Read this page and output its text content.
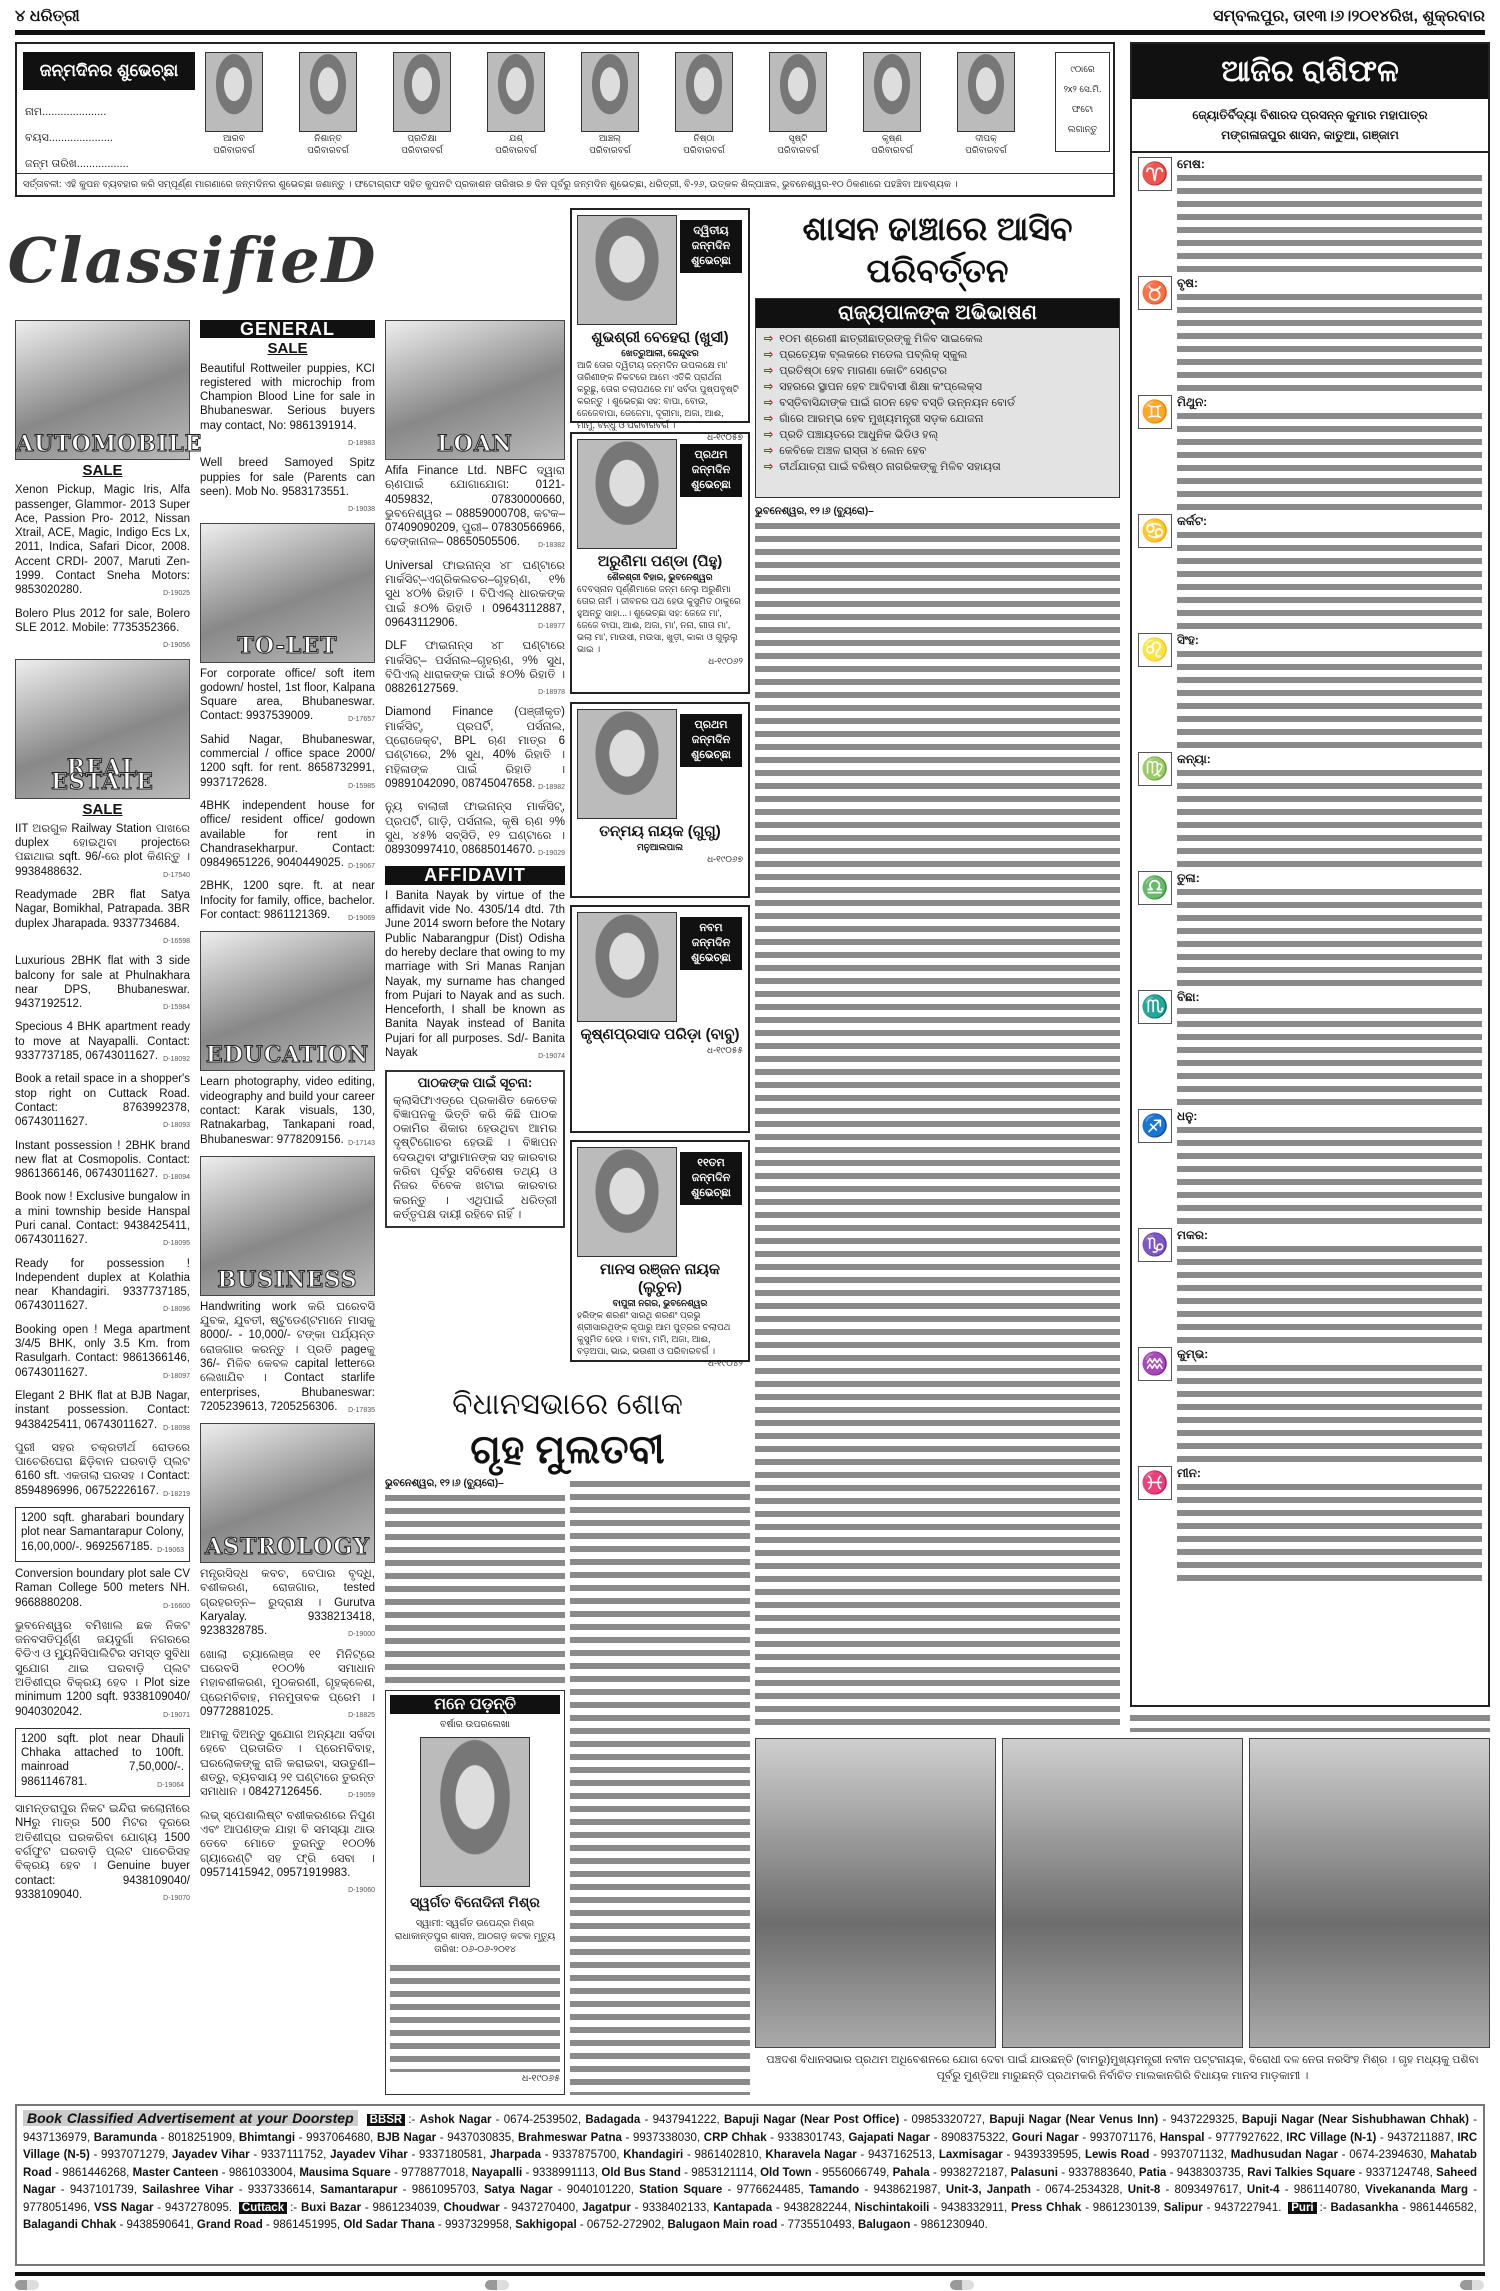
୪ ଧରିତ୍ରୀ	ସମ୍ବଲପୁର, ତା୧୩।୬।୨୦୧୪ରିଖ, ଶୁକ୍ରବାର
ଜନ୍ମଦିନର ଶୁଭେଚ୍ଛା
ନାମ.....................
ବୟସ.....................
ଜନ୍ମ ତାରିଖ.................
ଆରବ
ପରିବାରବର୍ଗ
ନିଶାନ୍ତ
ପରିବାରବର୍ଗ
ପ୍ରତିକ୍ଷା
ପରିବାରବର୍ଗ
ଯଶ୍
ପରିବାରବର୍ଗ
ଆଞ୍ଚଲ୍
ପରିବାରବର୍ଗ
ନିଷ୍ଠା
ପରିବାରବର୍ଗ
ସୃଷ୍ଟି
ପରିବାରବର୍ଗ
କୃଷ୍ଣ
ପରିବାରବର୍ଗ
ଦୀପକ୍
ପରିବାରବର୍ଗ
୯୦ାରେ
୨x୨ ସେ.ମି.
ଫଟୋ
ଲଗାନ୍ତୁ
ସର୍ତ୍ତାବଳୀ: ଏହି କୁପନ ବ୍ୟବହାର କରି ସମ୍ପୂର୍ଣ୍ଣ ମାଗଣାରେ ଜନ୍ମଦିନର ଶୁଭେଚ୍ଛା ଜଣାନ୍ତୁ । ଫଟୋଗ୍ରାଫ ସହିତ କୁପନଟି ପ୍ରକାଶନ ତାରିଖର ୭ ଦିନ ପୂର୍ବରୁ ଜନ୍ମଦିନ ଶୁଭେଚ୍ଛା, ଧରିତ୍ରୀ, ବି-୨୬, ଉତ୍କଳ ଶିଳ୍ପାଞ୍ଚଳ, ଭୁବନେଶ୍ୱର-୧୦ ଠିକଣାରେ ପହଞ୍ଚିବା ଆବଶ୍ୟକ ।
ଆଜିର ରାଶିଫଳ
ଜ୍ୟୋତିର୍ବିଦ୍ୟା ବିଶାରଦ ପ୍ରସନ୍ନ କୁମାର ମହାପାତ୍ର
ମଙ୍ଗଳାଜପୁର ଶାସନ, କାତୁଆ, ଗଞ୍ଜାମ
♈ ମେଷ:
♉ ବୃଷ:
♊ ମିଥୁନ:
♋ କର୍କଟ:
♌ ସିଂହ:
♍ କନ୍ୟା:
♎ ତୁଳା:
♏ ବିଛା:
♐ ଧନୁ:
♑ ମକର:
♒ କୁମ୍ଭ:
♓ ମୀନ:
ClassifieD
AUTOMOBILE
SALE
Xenon Pickup, Magic Iris, Alfa passenger, Glammor- 2013 Super Ace, Passion Pro- 2012, Nissan Xtrail, ACE, Magic, Indigo Ecs Lx, 2011, Indica, Safari Dicor, 2008. Accent CRDI- 2007, Maruti Zen- 1999. Contact Sneha Motors: 9853020280.	D-19025
Bolero Plus 2012 for sale, Bolero SLE 2012. Mobile: 7735352366.
D-19056
REAL ESTATE
SALE
IIT ଅରଗୁଳ Railway Station ପାଖରେ duplex ହୋଇଥିବା projectରେ ପଛାଥାଇ sqft. 96/-ରେ plot କିଣନ୍ତୁ । 9938488632.	D-17540
Readymade 2BR flat Satya Nagar, Bomikhal, Patrapada. 3BR duplex Jharapada. 9337734684.
D-16598
Luxurious 2BHK flat with 3 side balcony for sale at Phulnakhara near DPS, Bhubaneswar. 9437192512.	D-15984
Specious 4 BHK apartment ready to move at Nayapalli. Contact: 9337737185, 06743011627. D-18092
Book a retail space in a shopper's stop right on Cuttack Road. Contact: 8763992378, 06743011627.	D-18093
Instant possession ! 2BHK brand new flat at Cosmopolis. Contact: 9861366146, 06743011627. D-18094
Book now ! Exclusive bungalow in a mini township beside Hanspal Puri canal. Contact: 9438425411, 06743011627.	D-18095
Ready for possession ! Independent duplex at Kolathia near Khandagiri. 9337737185, 06743011627.	D-18096
Booking open ! Mega apartment 3/4/5 BHK, only 3.5 Km. from Rasulgarh. Contact: 9861366146, 06743011627.	D-18097
Elegant 2 BHK flat at BJB Nagar, instant possession. Contact: 9438425411, 06743011627. D-18098
ପୁରୀ ସହର ଚକ୍ରତୀର୍ଥ ରୋଡରେ ପାଚେରିଘେରା ଛିଡ଼ିବାନ ଘରବାଡ଼ି ପ୍ଲଟ 6160 sft. ଏକତାଲା ଘରସହ । Contact: 8594896996, 06752226167. D-18219
1200 sqft. gharabari boundary plot near Samantarapur Colony, 16,00,000/-. 9692567185. D-19063
Conversion boundary plot sale CV Raman College 500 meters NH. 9668880208.	D-16600
ଭୁବନେଶ୍ୱର ବମିଖାଲ ଛକ ନିକଟ ଜନବସତିପୂର୍ଣ୍ଣ ଜୟଦୁର୍ଗା ନଗରରେ ବିଡିଏ ଓ ମ୍ୟୁନିସିପାଲିଟିର ସମସ୍ତ ସୁବିଧା ସୁଯୋଗ ଥାଇ ଘରବାଡ଼ି ପ୍ଲଟ ଅତିଶୀଘ୍ର ବିକ୍ରୟ ହେବ । Plot size minimum 1200 sqft. 9338109040/ 9040302042.	D-19071
1200 sqft. plot near Dhauli Chhaka attached to 100ft. mainroad 7,50,000/-. 9861146781.	D-19064
ସାମନ୍ତରାପୁର ନିକଟ ଇନ୍ଦିରା କଲୋନୀରେ NHରୁ ମାତ୍ର 500 ମିଟର ଦୂରରେ ଅତିଶୀଘ୍ର ଘରକରିବା ଯୋଗ୍ୟ 1500 ବର୍ଗଫୁଟ ଘରବାଡ଼ି ପ୍ଲଟ ପାଚେରିସହ ବିକ୍ରୟ ହେବ । Genuine buyer contact: 9438109040/ 9338109040.	D-19070
GENERAL
SALE
Beautiful Rottweiler puppies, KCI registered with microchip from Champion Blood Line for sale in Bhubaneswar. Serious buyers may contact, No: 9861391914.
D-18983
Well breed Samoyed Spitz puppies for sale (Parents can seen). Mob No. 9583173551.
D-19038
TO-LET
For corporate office/ soft item godown/ hostel, 1st floor, Kalpana Square area, Bhubaneswar. Contact: 9937539009.	D-17657
Sahid Nagar, Bhubaneswar, commercial / office space 2000/ 1200 sqft. for rent. 8658732991, 9937172628.	D-15985
4BHK independent house for office/ resident office/ godown available for rent in Chandrasekharpur. Contact: 09849651226, 9040449025. D-19067
2BHK, 1200 sqre. ft. at near Infocity for family, office, bachelor. For contact: 9861121369.	D-19069
EDUCATION
Learn photography, video editing, videography and build your career contact: Karak visuals, 130, Ratnakarbag, Tankapani road, Bhubaneswar: 9778209156. D-17143
BUSINESS
Handwriting work କରି ଘରେବସି ଯୁବକ, ଯୁବତୀ, ଷ୍ଟୁଡେଣ୍ଟମାନେ ମାସକୁ 8000/- - 10,000/- ଟଙ୍କା ପର୍ଯ୍ୟନ୍ତ ରୋଜଗାର କରନ୍ତୁ । ପ୍ରତି pageକୁ 36/- ମିଳିବ କେବଳ capital letterରେ ଲେଖାଯିବ । Contact starlife enterprises, Bhubaneswar: 7205239613, 7205256306. D-17835
ASTROLOGY
ମନ୍ତ୍ରସିଦ୍ଧ କବଚ, ବେପାର ବୃଦ୍ଧି, ବଶୀକରଣ, ରୋଜଗାର, tested ଗ୍ରହରତ୍ନ– ରୁଦ୍ରାକ୍ଷ । Gurutva Karyalay. 9338213418, 9238328785.	D-19000
ଖୋଲା ଚ୍ୟାଲେଞ୍ଜ ୧୧ ମିନିଟ୍‌ରେ ଘରେବସି ୧୦୦% ସମାଧାନ ମହାବଶୀକରଣ, ମୁଠକରଣୀ, ଗୃହକ୍ଳେଶ, ପ୍ରେମବିବାହ, ମନମୁତାବକ ପ୍ରେମ । 09772881025.	D-18825
ଆମକୁ ଦିଅନ୍ତୁ ସୁଯୋଗ ଅନ୍ୟଥା ସର୍ବଦା ହେବେ ପ୍ରତାରିତ । ପ୍ରେମବିବାହ, ଘରଲୋକଙ୍କୁ ରାଜି କରାଇବା, ସଉତୁଣୀ– ଶତ୍ରୁ, ବ୍ୟବସାୟ ୨୧ ଘଣ୍ଟାରେ ତୁରନ୍ତ ସମାଧାନ । 08427126456.	D-19059
ଲଭ୍ ସ୍ପେଶାଲିଷ୍ଟ ବଶୀକରଣରେ ନିପୁଣ ଏବଂ ଆପଣଙ୍କ ଯାହା ବି ସମସ୍ୟା ଥାଉ ତେବେ ମୋତେ ତୁରନ୍ତୁ ୧୦୦% ଗ୍ୟାରେଣ୍ଟି ସହ ଫ୍ରି ସେବା । 09571415942, 09571919983.
D-19060
LOAN
Afifa Finance Ltd. NBFC ଦ୍ୱାରା ଋଣପାଇଁ ଯୋଗାଯୋଗ: 0121- 4059832, 07830000660, ଭୁବନେଶ୍ୱର – 08859000708, କଟକ– 07409090209, ପୁରୀ– 07830566966, ଢେଙ୍କାନାଳ– 08650505506.	D-18382
Universal ଫାଇନାନ୍ସ ୪୮ ଘଣ୍ଟାରେ ମାର୍କସିଟ୍–ଏଗ୍ରିକଲଚର–ଗୃହଋଣ, ୧% ସୁଧ ୪୦% ରିହାତି । ବିପିଏଲ୍ ଧାରକଙ୍କ ପାଇଁ ୫୦% ରିହାତି । 09643112887, 09643112906.	D-18977
DLF ଫାଇନାନ୍ସ ୪୮ ଘଣ୍ଟାରେ ମାର୍କସିଟ୍– ପର୍ସନାଲ–ଗୃହଋଣ, ୨% ସୁଧ, ବିପିଏଲ୍ ଧାରାକଙ୍କ ପାଇଁ ୫୦% ରିହାତି । 08826127569.	D-18978
Diamond Finance (ପଞ୍ଜୀକୃତ) ମାର୍କସିଟ୍, ପ୍ରପର୍ଟି, ପର୍ସନାଲ, ପ୍ରୋଜେକ୍ଟ, BPL ଋଣ ମାତ୍ର 6 ଘଣ୍ଟାରେ, 2% ସୁଧ, 40% ରିହାତି । ମହିଳାଙ୍କ ପାଇଁ ରିହାତି । 09891042090, 08745047658. D-18982
ନ୍ୟୁ ବାଲାଜୀ ଫାଇନାନ୍ସ ମାର୍କସିଟ୍, ପ୍ରପର୍ଟି, ଗାଡ଼ି, ପର୍ସନାଲ, କୃଷି ଋଣ ୨% ସୁଧ, ୪୫% ସବ୍‌ସିଡି, ୧୨ ଘଣ୍ଟାରେ । 08930997410, 08685014670. D-19029
AFFIDAVIT
I Banita Nayak by virtue of the affidavit vide No. 4305/14 dtd. 7th June 2014 sworn before the Notary Public Nabarangpur (Dist) Odisha do hereby declare that owing to my marriage with Sri Manas Ranjan Nayak, my surname has changed from Pujari to Nayak and as such. Henceforth, I shall be known as Banita Nayak instead of Banita Pujari for all purposes. Sd/- Banita Nayak	D-19074
ପାଠକଙ୍କ ପାଇଁ ସୂଚନା:
କ୍ଲାସିଫାଏଡ୍‌ରେ ପ୍ରକାଶିତ କେତେକ ବିଜ୍ଞାପନକୁ ଭିତ୍ତି କରି କିଛି ପାଠକ ଠକାମିର ଶିକାର ହେଉଥିବା ଆମର ଦୃଷ୍ଟିଗୋଚର ହେଉଛି । ବିଜ୍ଞାପନ ଦେଉଥିବା ସଂସ୍ଥାମାନଙ୍କ ସହ କାରବାର କରିବା ପୂର୍ବରୁ ସବିଶେଷ ତଥ୍ୟ ଓ ନିଜର ବିବେକ ଖଟାଇ କାରବାର କରନ୍ତୁ । ଏଥିପାଇଁ ଧରିତ୍ରୀ କର୍ତ୍ତୃପକ୍ଷ ଦାୟୀ ରହିବେ ନାହିଁ ।
ଦ୍ୱିତୀୟ ଜନ୍ମଦିନ ଶୁଭେଚ୍ଛା
ଶୁଭଶ୍ରୀ ବେହେରା (ଖୁସୀ)
ଖେତ୍ରୁଆଳୀ, କେନ୍ଦୁଝର
ଆଜି ତୋର ଦ୍ୱିତୀୟ ଜନ୍ମଦିନ ଉପଲକ୍ଷେ ମା' ତାରିଣୀଙ୍କ ନିକଟରେ ଆମେ ଏତିକି ପ୍ରାର୍ଥନା କରୁଛୁ, ତୋର ଚଲାପଥରେ ମା' ସର୍ବଦା ପୁଷ୍ପବୃଷ୍ଟି କରନ୍ତୁ । ଶୁଭେଚ୍ଛା ସହ: ବାପା, ବୋଉ, ଜେଜେବାପା, ଜେଜେମା, ଦୂରୀମା, ଅଜା, ଆଈ, ମାମୁ, ବନ୍ଧୁ ଓ ପରିବାରବର୍ଗ ।
ଧ-୧୯୦୫୭
ପ୍ରଥମ ଜନ୍ମଦିନ ଶୁଭେଚ୍ଛା
ଅରୁଣିମା ପଣ୍ଡା (ପିହୁ)
ଶୈଳଶ୍ରୀ ବିହାର, ଭୁବନେଶ୍ୱର
ଦେବସ୍ନାନ ପୂର୍ଣ୍ଣିମାରେ ଜନ୍ମ ନେଲୁ ଅରୁଣିମା ତୋର ନାମଁ । ଜୀବନର ପଥ ହେଉ କୁସୁମିତ ଠାକୁରେ ହୁଅନ୍ତୁ ସାହା...। ଶୁଭେଚ୍ଛା ସହ: ଜେଜେ ମା', ଜେଜେ ବାପା, ଆଈ, ଅଜା, ମା', ନନା, ଗୀତା ମା', ଭଲା ମା', ମାଉସୀ, ମଉସା, ଖୁଡ଼ୀ, କାକା ଓ ଗୁଲୁଲୁ ଭାଇ ।
ଧ-୧୯୦୬୨
ପ୍ରଥମ ଜନ୍ମଦିନ ଶୁଭେଚ୍ଛା
ତନ୍ମୟ ନାୟକ (ଗୁଗୁ)
ମନୁଆଲପାଲ
ଧ-୧୯୦୬୭
ନବମ ଜନ୍ମଦିନ ଶୁଭେଚ୍ଛା
କୃଷ୍ଣପ୍ରସାଦ ପରିଡ଼ା (ବାବୁ)
ଧ-୧୯୦୫୫
୧୧ତମ ଜନ୍ମଦିନ ଶୁଭେଚ୍ଛା
ମାନସ ରଞ୍ଜନ ନାୟକ (ଲୁଚୁନ)
ବାପୁଜୀ ନଗର, ଭୁବନେଶ୍ୱର
ହରିଙ୍କ ଶରଣଂ ସାରଥି ଶରଣଂ ପ୍ରଭୁ ଶ୍ରୀସାରଥିଙ୍କ କୃପାରୁ ଆମ ପୁତ୍ରର ଚଲାପଥ କୁସୁମିତ ହେଉ । ବାବା, ମମି, ଅଜା, ଆଈ, ବଡ଼ଅପା, ଭାଇ, ଭଉଣୀ ଓ ପରିବାରବର୍ଗ ।
ଧ-୧୯୦୪୨
ଶାସନ ଢାଞ୍ଚାରେ ଆସିବ ପରିବର୍ତ୍ତନ
ରାଜ୍ୟପାଳଙ୍କ ଅଭିଭାଷଣ
⇨ ୧୦ମ ଶ୍ରେଣୀ ଛାତ୍ରୀଛାତ୍ରଙ୍କୁ ମିଳିବ ସାଇକେଲ
⇨ ପ୍ରତ୍ୟେକ ବ୍ଲକରେ ମଡେଲ ପବ୍ଲିକ୍ ସ୍କୁଲ
⇨ ପ୍ରତିଷ୍ଠା ହେବ ମାଗଣା କୋଚିଂ ସେଣ୍ଟର
⇨ ସହରରେ ସ୍ଥାପନ ହେବ ଆଦିବାସୀ ଶିକ୍ଷା କଂପ୍ଲେକ୍ସ
⇨ ବସ୍ତିବାସିନ୍ଦାଙ୍କ ପାଇଁ ଗଠନ ହେବ ବସ୍ତି ଉନ୍ନୟନ ବୋର୍ଡ
⇨ ଗାଁରେ ଆରମ୍ଭ ହେବ ମୁଖ୍ୟମନ୍ତ୍ରୀ ସଡ଼କ ଯୋଜନା
⇨ ପ୍ରତି ପଞ୍ଚାୟତରେ ଆଧୁନିକ ଭିଡିଓ ହଲ୍
⇨ କେବିକେ ଅଞ୍ଚଳ ରାସ୍ତା ୪ ଲେନ ହେବ
⇨ ତୀର୍ଥଯାତ୍ରା ପାଇଁ ବରିଷ୍ଠ ନାଗରିକଙ୍କୁ ମିଳିବ ସହାୟତା
ଭୁବନେଶ୍ୱର, ୧୨।୬ (ବ୍ୟୁରୋ)–
ବିଧାନସଭାରେ ଶୋକ
ଗୃହ ମୁଲତବୀ
ଭୁବନେଶ୍ୱର, ୧୨।୬ (ବ୍ୟୁରୋ)–
ମନେ ପଡ଼ନ୍ତି
ବର୍ଷାର ଉପରଲେଖା
ସ୍ୱର୍ଗତ ବିନୋଦିନୀ ମିଶ୍ର
ସ୍ୱାମୀ: ସ୍ୱର୍ଗତ ଉପେନ୍ଦ୍ର ମିଶ୍ର ରାଧାକାନ୍ତପୁର ଶାସନ, ଆଠଗଡ଼ କଟକ ମୃତ୍ୟୁ ତାରିଖ: ୦୬-୦୬-୨୦୧୪
ଧ-୧୯୦୬୫
ପଞ୍ଚଦଶ ବିଧାନସଭାର ପ୍ରଥମ ଅଧିବେଶନରେ ଯୋଗ ଦେବା ପାଇଁ ଯାଉଛନ୍ତି (ବାମରୁ)ମୁଖ୍ୟମନ୍ତ୍ରୀ ନବୀନ ପଟ୍ଟନାୟକ, ବିରୋଧୀ ଦଳ ନେତା ନରସିଂହ ମିଶ୍ର । ଗୃହ ମଧ୍ୟକୁ ପଶିବା ପୂର୍ବରୁ ମୁଣ୍ଡିଆ ମାରୁଛନ୍ତି ପ୍ରଥମକରି ନିର୍ବାଚିତ ମାଲକାନଗିରି ବିଧାୟକ ମାନସ ମାଡ଼କାମୀ ।
Book Classified Advertisement at your Doorstep BBSR :- Ashok Nagar - 0674-2539502, Badagada - 9437941222, Bapuji Nagar (Near Post Office) - 09853320727, Bapuji Nagar (Near Venus Inn) - 9437229325, Bapuji Nagar (Near Sishubhawan Chhak) - 9437136979, Baramunda - 8018251909, Bhimtangi - 9937064680, BJB Nagar - 9437030835, Brahmeswar Patna - 9937338030, CRP Chhak - 9338301743, Gajapati Nagar - 8908375322, Gouri Nagar - 9937071176, Hanspal - 9777927622, IRC Village (N-1) - 9437211887, IRC Village (N-5) - 9937071279, Jayadev Vihar - 9337111752, Jayadev Vihar - 9337180581, Jharpada - 9337875700, Khandagiri - 9861402810, Kharavela Nagar - 9437162513, Laxmisagar - 9439339595, Lewis Road - 9937071132, Madhusudan Nagar - 0674-2394630, Mahatab Road - 9861446268, Master Canteen - 9861033004, Mausima Square - 9778877018, Nayapalli - 9338991113, Old Bus Stand - 9853121114, Old Town - 9556066749, Pahala - 9938272187, Palasuni - 9337883640, Patia - 9438303735, Ravi Talkies Square - 9337124748, Saheed Nagar - 9437101739, Sailashree Vihar - 9337336614, Samantarapur - 9861095703, Satya Nagar - 9040101220, Station Square - 9776624485, Tamando - 9438621987, Unit-3, Janpath - 0674-2534328, Unit-8 - 8093497617, Unit-4 - 9861140780, Vivekananda Marg - 9778051496, VSS Nagar - 9437278095. Cuttack :- Buxi Bazar - 9861234039, Choudwar - 9437270400, Jagatpur - 9338402133, Kantapada - 9438282244, Nischintakoili - 9438332911, Press Chhak - 9861230139, Salipur - 9437227941. Puri :- Badasankha - 9861446582, Balagandi Chhak - 9438590641, Grand Road - 9861451995, Old Sadar Thana - 9937329958, Sakhigopal - 06752-272902, Balugaon Main road - 7735510493, Balugaon - 9861230940.
